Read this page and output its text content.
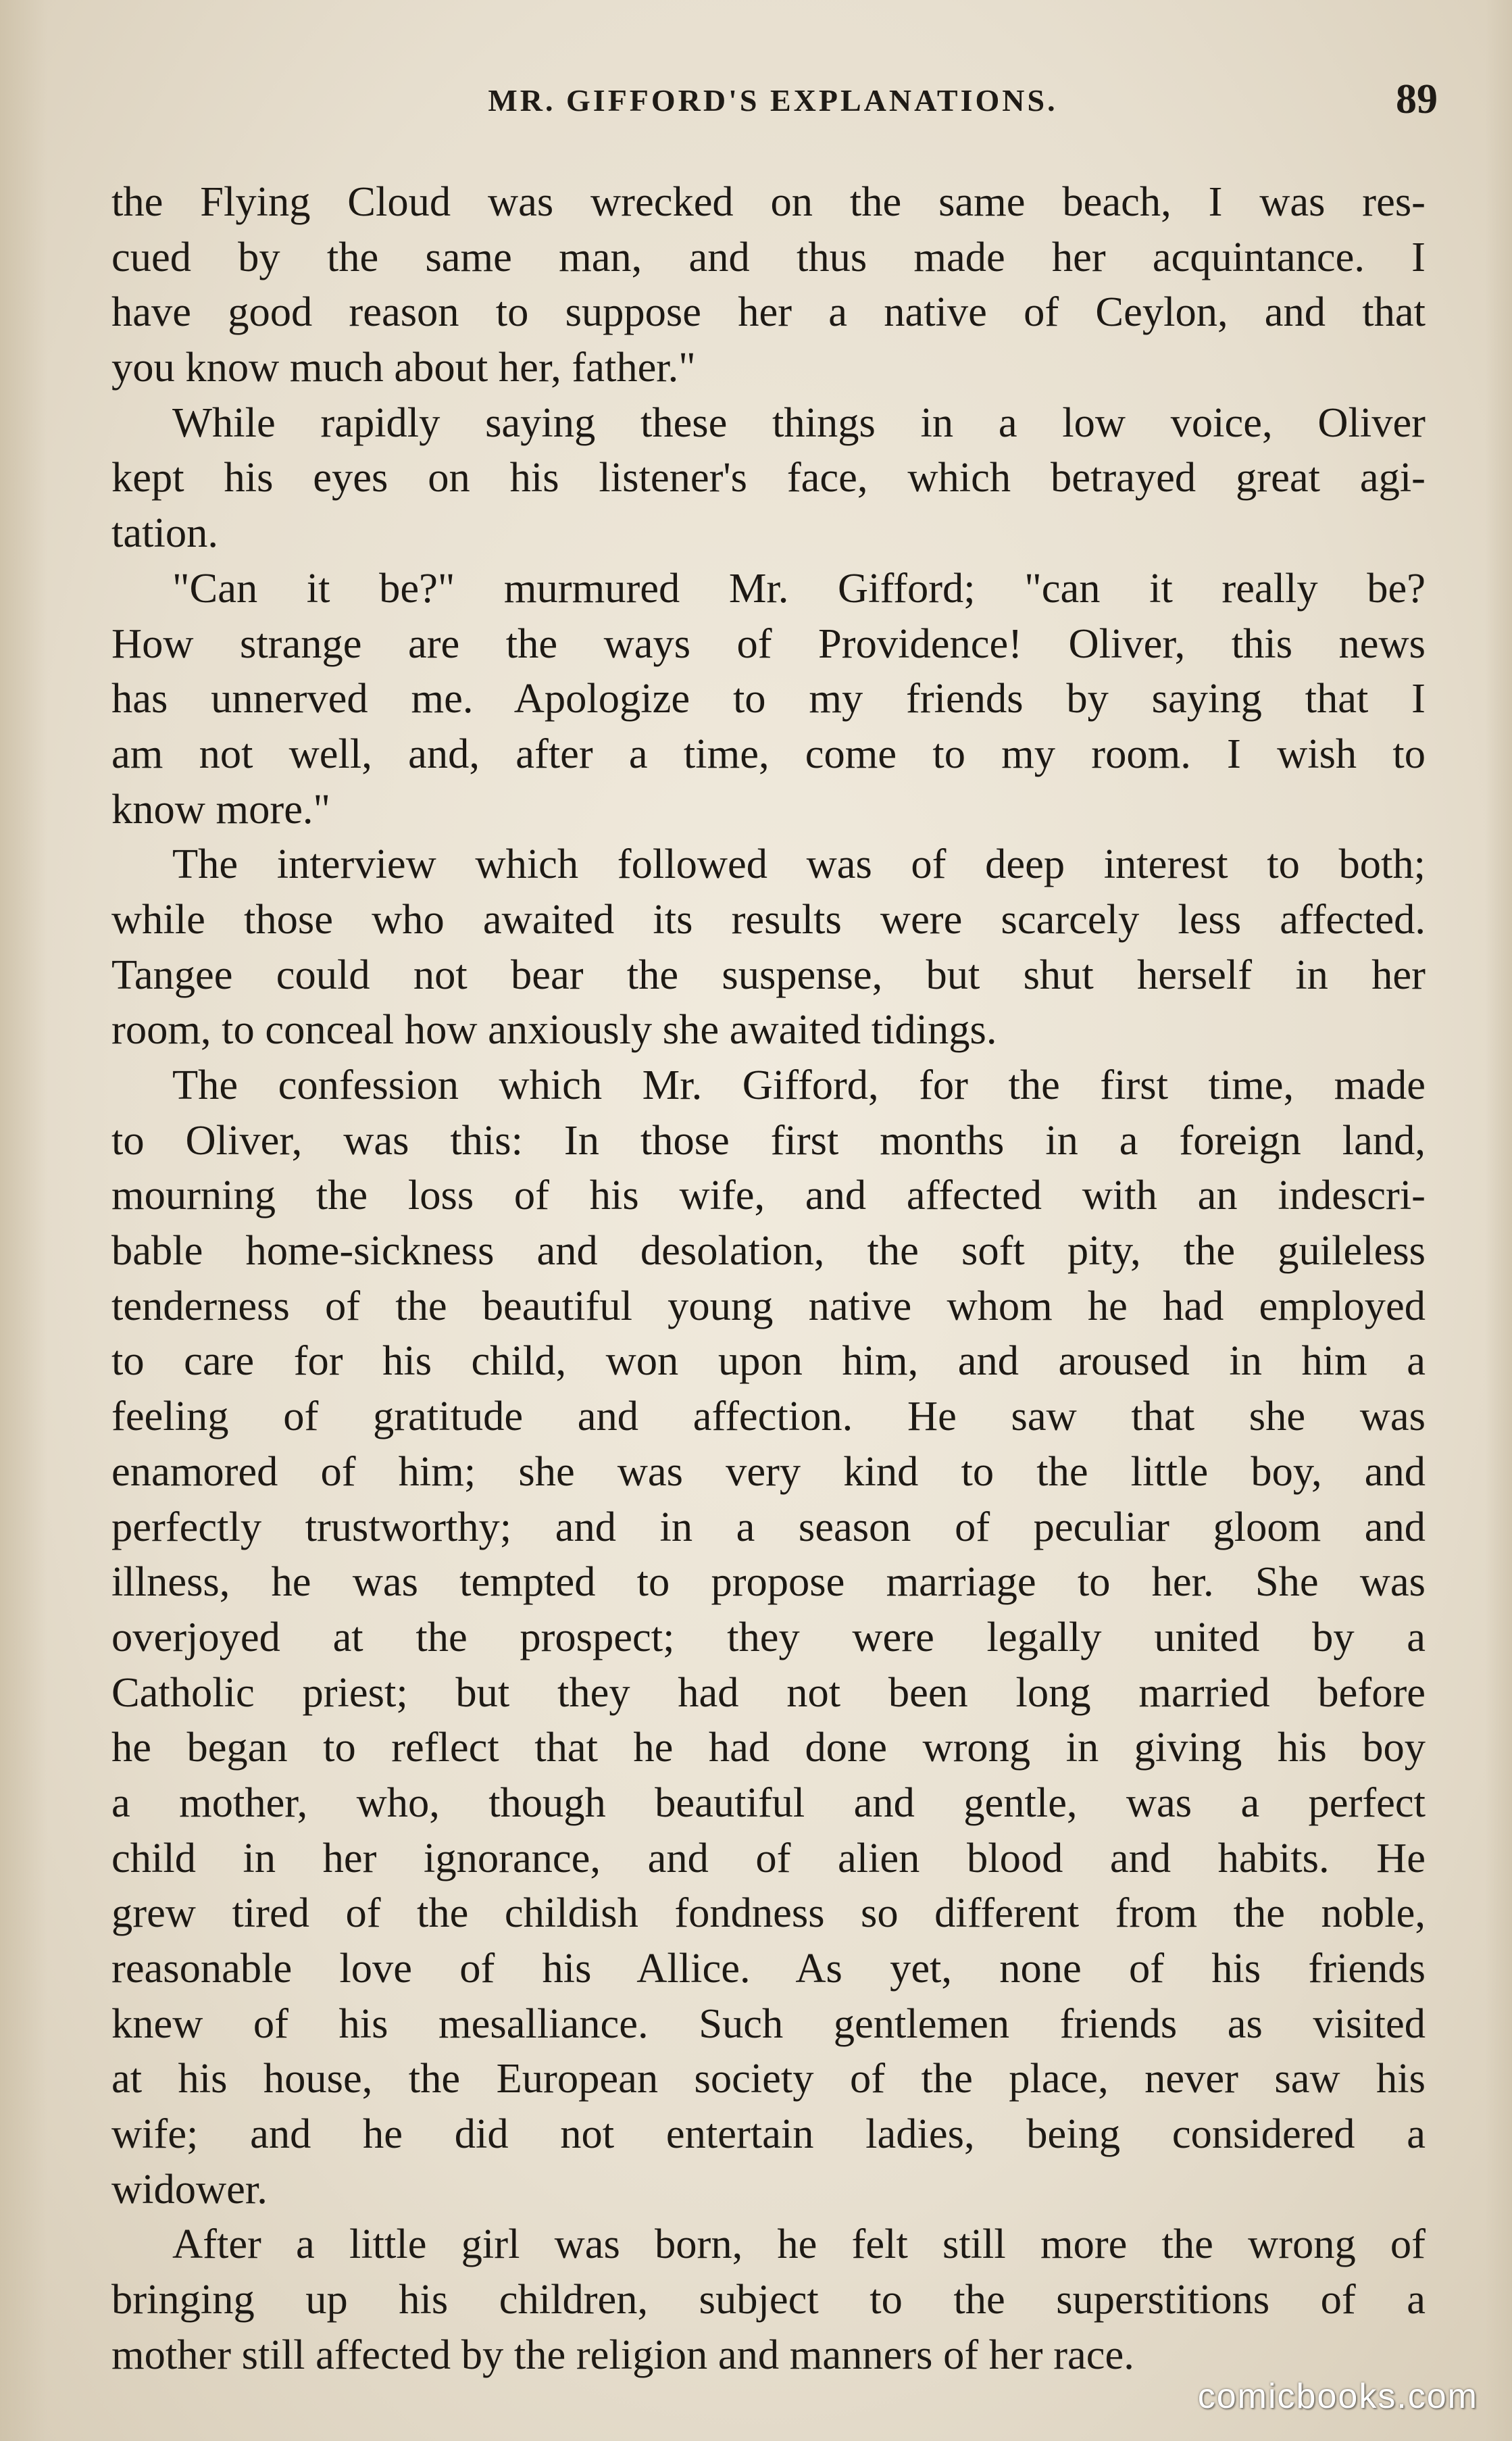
MR. GIFFORD'S EXPLANATIONS.	89
the Flying Cloud was wrecked on the same beach, I was res-
cued by the same man, and thus made her acquintance. I
have good reason to suppose her a native of Ceylon, and that
you know much about her, father."
While rapidly saying these things in a low voice, Oliver
kept his eyes on his listener's face, which betrayed great agi-
tation.
"Can it be?" murmured Mr. Gifford; "can it really be?
How strange are the ways of Providence! Oliver, this news
has unnerved me. Apologize to my friends by saying that I
am not well, and, after a time, come to my room. I wish to
know more."
The interview which followed was of deep interest to both;
while those who awaited its results were scarcely less affected.
Tangee could not bear the suspense, but shut herself in her
room, to conceal how anxiously she awaited tidings.
The confession which Mr. Gifford, for the first time, made
to Oliver, was this: In those first months in a foreign land,
mourning the loss of his wife, and affected with an indescri-
bable home-sickness and desolation, the soft pity, the guileless
tenderness of the beautiful young native whom he had employed
to care for his child, won upon him, and aroused in him a
feeling of gratitude and affection. He saw that she was
enamored of him; she was very kind to the little boy, and
perfectly trustworthy; and in a season of peculiar gloom and
illness, he was tempted to propose marriage to her. She was
overjoyed at the prospect; they were legally united by a
Catholic priest; but they had not been long married before
he began to reflect that he had done wrong in giving his boy
a mother, who, though beautiful and gentle, was a perfect
child in her ignorance, and of alien blood and habits. He
grew tired of the childish fondness so different from the noble,
reasonable love of his Allice. As yet, none of his friends
knew of his mesalliance. Such gentlemen friends as visited
at his house, the European society of the place, never saw his
wife; and he did not entertain ladies, being considered a
widower.
After a little girl was born, he felt still more the wrong of
bringing up his children, subject to the superstitions of a
mother still affected by the religion and manners of her race.
comicbooks.com
